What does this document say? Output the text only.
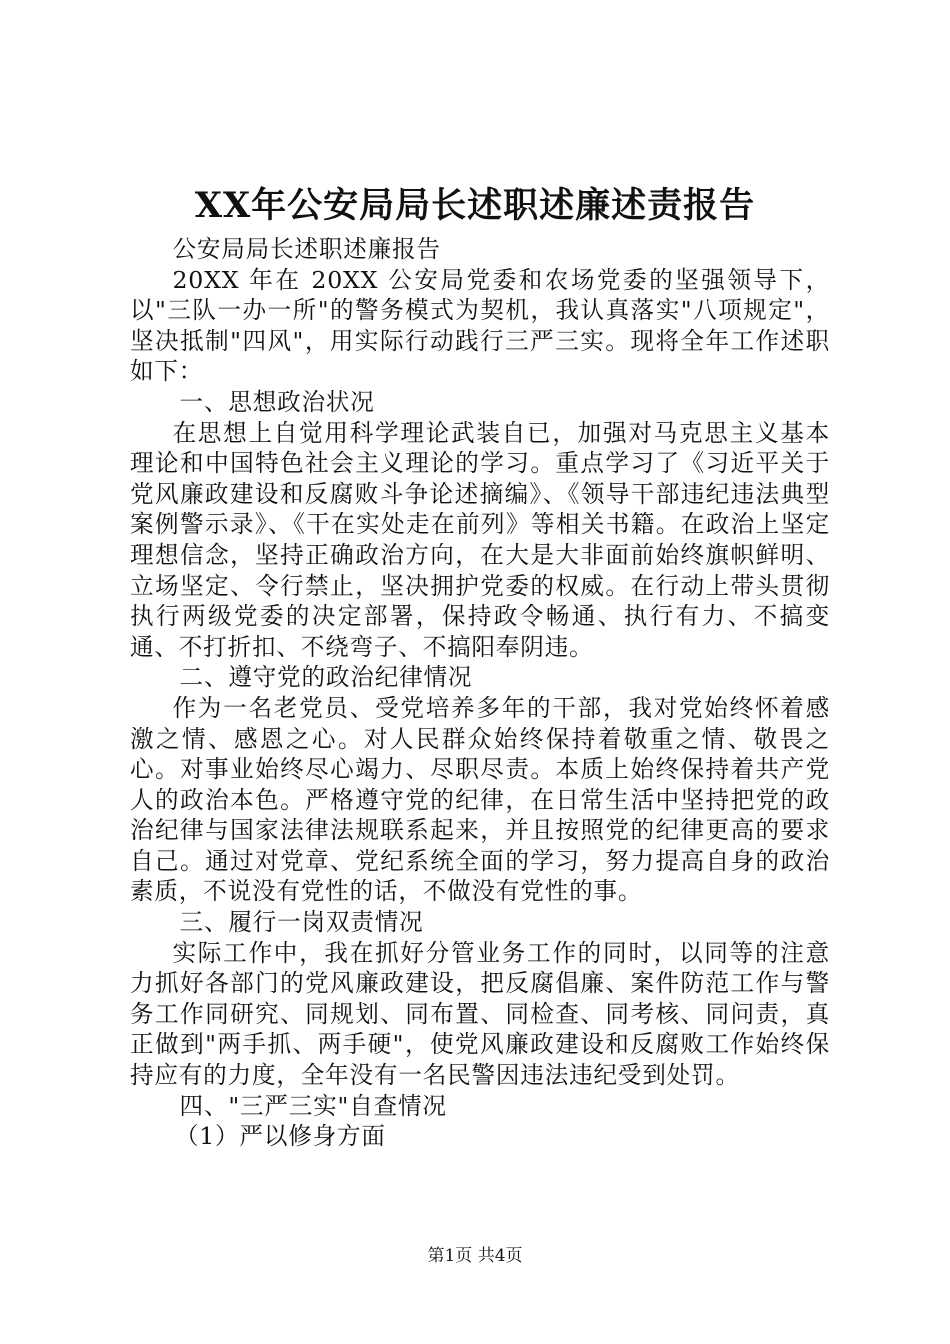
XX年公安局局长述职述廉述责报告

公安局局长述职述廉报告

20XX 年在 20XX 公安局党委和农场党委的坚强领导下，以"三队一办一所"的警务模式为契机，我认真落实"八项规定"，坚决抵制"四风"，用实际行动践行三严三实。现将全年工作述职如下：

一、思想政治状况

在思想上自觉用科学理论武装自已，加强对马克思主义基本理论和中国特色社会主义理论的学习。重点学习了《习近平关于党风廉政建设和反腐败斗争论述摘编》、《领导干部违纪违法典型案例警示录》、《干在实处走在前列》等相关书籍。在政治上坚定理想信念，坚持正确政治方向，在大是大非面前始终旗帜鲜明、立场坚定、令行禁止，坚决拥护党委的权威。在行动上带头贯彻执行两级党委的决定部署，保持政令畅通、执行有力、不搞变通、不打折扣、不绕弯子、不搞阳奉阴违。

二、遵守党的政治纪律情况

作为一名老党员、受党培养多年的干部，我对党始终怀着感激之情、感恩之心。对人民群众始终保持着敬重之情、敬畏之心。对事业始终尽心竭力、尽职尽责。本质上始终保持着共产党人的政治本色。严格遵守党的纪律，在日常生活中坚持把党的政治纪律与国家法律法规联系起来，并且按照党的纪律更高的要求自己。通过对党章、党纪系统全面的学习，努力提高自身的政治素质，不说没有党性的话，不做没有党性的事。

三、履行一岗双责情况

实际工作中，我在抓好分管业务工作的同时，以同等的注意力抓好各部门的党风廉政建设，把反腐倡廉、案件防范工作与警务工作同研究、同规划、同布置、同检查、同考核、同问责，真正做到"两手抓、两手硬"，使党风廉政建设和反腐败工作始终保持应有的力度，全年没有一名民警因违法违纪受到处罚。

四、"三严三实"自查情况

（1）严以修身方面

第1页 共4页
